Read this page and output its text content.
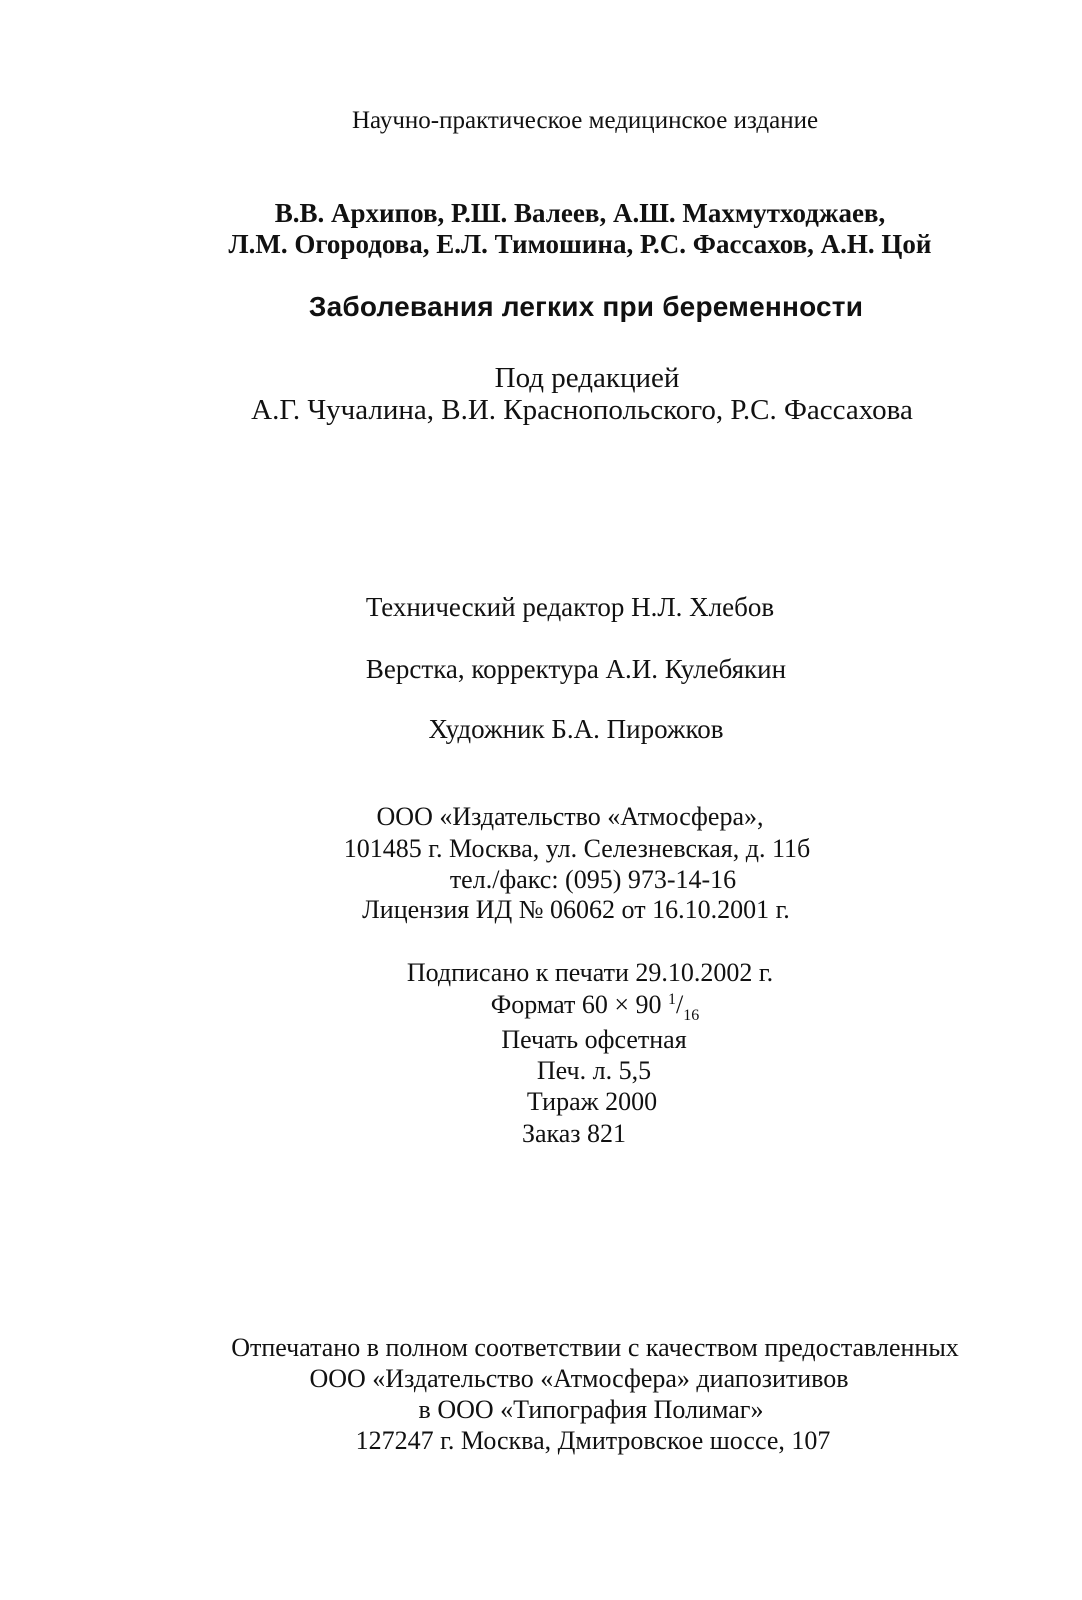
Научно-практическое медицинское издание
В.В. Архипов, Р.Ш. Валеев, А.Ш. Махмутходжаев,
Л.М. Огородова, Е.Л. Тимошина, Р.С. Фассахов, А.Н. Цой
Заболевания легких при беременности
Под редакцией
А.Г. Чучалина, В.И. Краснопольского, Р.С. Фассахова
Технический редактор Н.Л. Хлебов
Верстка, корректура А.И. Кулебякин
Художник Б.А. Пирожков
ООО «Издательство «Атмосфера»,
101485 г. Москва, ул. Селезневская, д. 11б
тел./факс: (095) 973-14-16
Лицензия ИД № 06062 от 16.10.2001 г.
Подписано к печати 29.10.2002 г.
Формат 60 × 90 $^1/_{16}$
Печать офсетная
Печ. л. 5,5
Тираж 2000
Заказ 821
Отпечатано в полном соответствии с качеством предоставленных
ООО «Издательство «Атмосфера» диапозитивов
в ООО «Типография Полимаг»
127247 г. Москва, Дмитровское шоссе, 107
